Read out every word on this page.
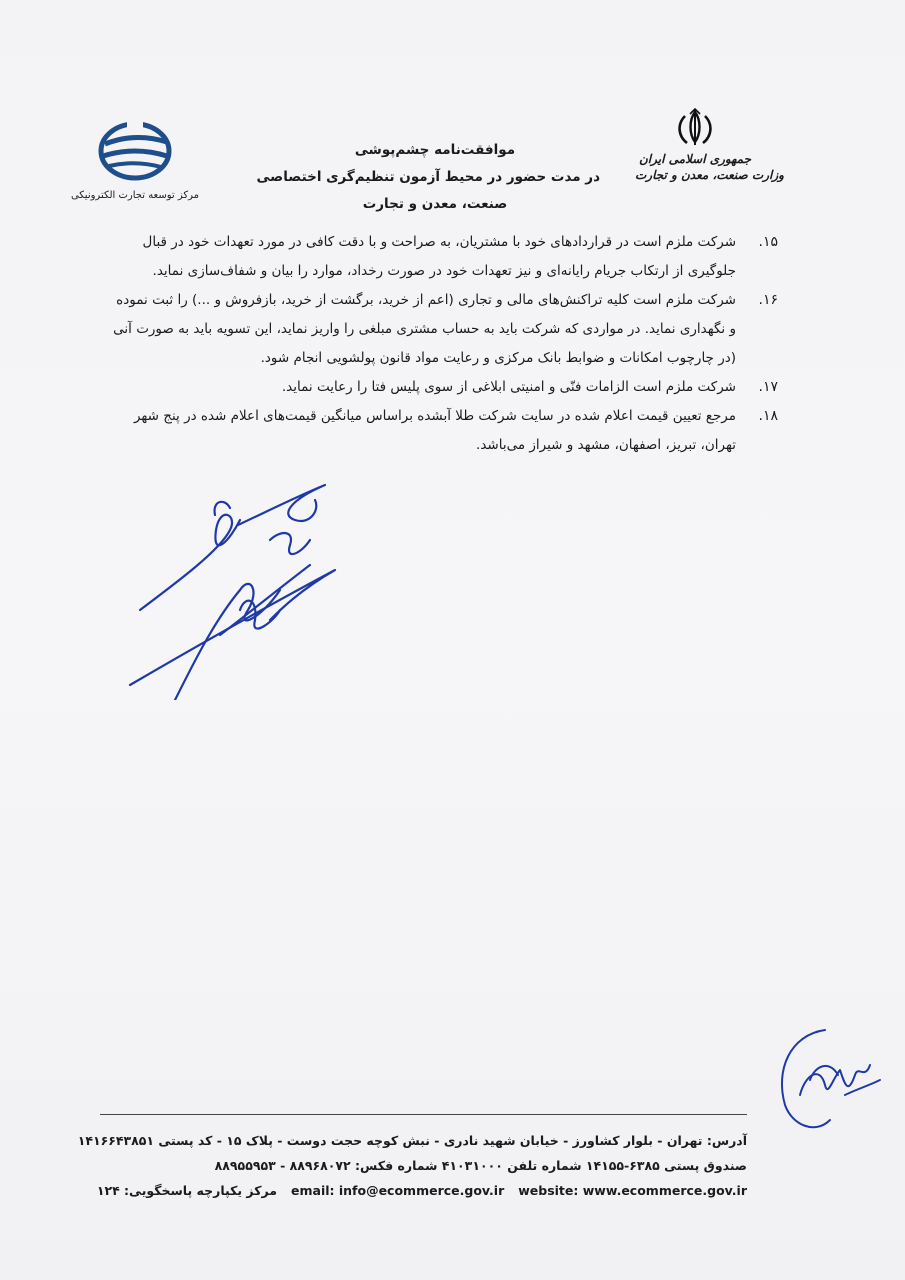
جمهوری اسلامی ایران
وزارت صنعت، معدن و تجارت
موافقت‌نامه چشم‌پوشی
در مدت حضور در محیط آزمون تنظیم‌گری اختصاصی
صنعت، معدن و تجارت
مرکز توسعه تجارت الکترونیکی
۱۵.
شرکت ملزم است در قراردادهای خود با مشتریان، به صراحت و با دقت کافی در مورد تعهدات خود در قبال
جلوگیری از ارتکاب جریام رایانه‌ای و نیز تعهدات خود در صورت رخداد، موارد را بیان و شفاف‌سازی نماید.
۱۶.
شرکت ملزم است کلیه تراکنش‌های مالی و تجاری (اعم از خرید، برگشت از خرید، بازفروش و ...) را ثبت نموده
و نگهداری نماید. در مواردی که شرکت باید به حساب مشتری مبلغی را واریز نماید، این تسویه باید به صورت آنی
(در چارچوب امکانات و ضوابط بانک مرکزی و رعایت مواد قانون پولشویی انجام شود.
۱۷.
شرکت ملزم است الزامات فنّی و امنیتی ابلاغی از سوی پلیس فتا را رعایت نماید.
۱۸.
مرجع تعیین قیمت اعلام شده در سایت شرکت طلا آبشده براساس میانگین قیمت‌های اعلام شده در پنج شهر
تهران، تبریز، اصفهان، مشهد و شیراز می‌باشد.
آدرس: تهران - بلوار کشاورز - خیابان شهید نادری - نبش کوچه حجت دوست - پلاک ۱۵ - کد پستی ۱۴۱۶۶۴۳۸۵۱
صندوق پستی ۶۳۸۵-۱۴۱۵۵ شماره تلفن ۴۱۰۳۱۰۰۰ شماره فکس: ۸۸۹۶۸۰۷۲ - ۸۸۹۵۵۹۵۳
website: www.ecommerce.gov.ir
email: info@ecommerce.gov.ir
مرکز یکپارچه پاسخگویی: ۱۲۴
